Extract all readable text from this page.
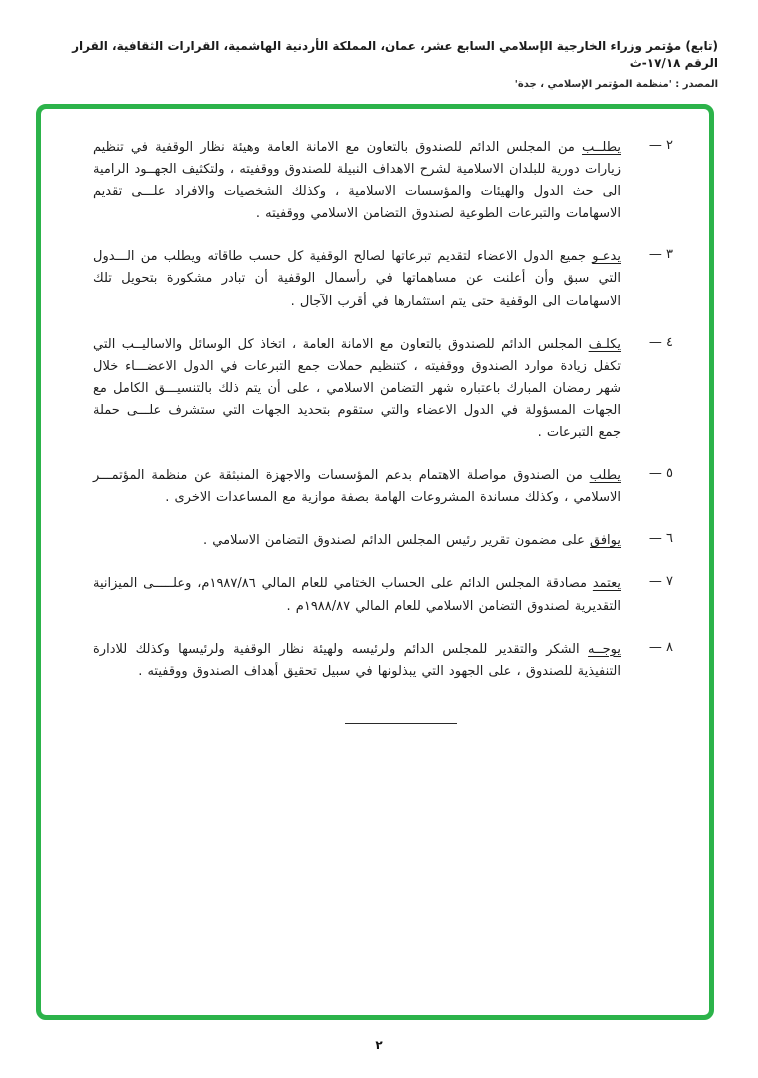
(تابع) مؤتمر وزراء الخارجية الإسلامي السابع عشر، عمان، المملكة الأردنية الهاشمية، القرارات الثقافية، القرار الرقم ١٧/١٨-ث
المصدر : 'منظمة المؤتمر الإسلامي ، جدة'
٢ —
يطلــب من المجلس الدائم للصندوق بالتعاون مع الامانة العامة وهيئة نظار الوقفية في تنظيم زيارات دورية للبلدان الاسلامية لشرح الاهداف النبيلة للصندوق ووقفيته ، ولتكثيف الجهــود الرامية الى حث الدول والهيئات والمؤسسات الاسلامية ، وكذلك الشخصيات والافراد علـــى تقديم الاسهامات والتبرعات الطوعية لصندوق التضامن الاسلامي ووقفيته .
٣ —
يدعـو جميع الدول الاعضاء لتقديم تبرعاتها لصالح الوقفية كل حسب طاقاته ويطلب من الـــدول التي سبق وأن أعلنت عن مساهماتها في رأسمال الوقفية أن تبادر مشكورة بتحويل تلك الاسهامات الى الوقفية حتى يتم استثمارها في أقرب الآجال .
٤ —
يكلـف المجلس الدائم للصندوق بالتعاون مع الامانة العامة ، اتخاذ كل الوسائل والاساليــب التي تكفل زيادة موارد الصندوق ووقفيته ، كتنظيم حملات جمع التبرعات في الدول الاعضـــاء خلال شهر رمضان المبارك باعتباره شهر التضامن الاسلامي ، على أن يتم ذلك بالتنسيـــق الكامل مع الجهات المسؤولة في الدول الاعضاء والتي ستقوم بتحديد الجهات التي ستشرف علـــى حملة جمع التبرعات .
٥ —
يطلب من الصندوق مواصلة الاهتمام بدعم المؤسسات والاجهزة المنبثقة عن منظمة المؤتمـــر الاسلامي ، وكذلك مساندة المشروعات الهامة بصفة موازية مع المساعدات الاخرى .
٦ —
يوافق على مضمون تقرير رئيس المجلس الدائم لصندوق التضامن الاسلامي .
٧ —
يعتمد مصادقة المجلس الدائم على الحساب الختامي للعام المالي ١٩٨٧/٨٦م، وعلـــــى الميزانية التقديرية لصندوق التضامن الاسلامي للعام المالي ١٩٨٨/٨٧م .
٨ —
يوجــه الشكر والتقدير للمجلس الدائم ولرئيسه ولهيئة نظار الوقفية ولرئيسها وكذلك للادارة التنفيذية للصندوق ، على الجهود التي يبذلونها في سبيل تحقيق أهداف الصندوق ووقفيته .
٢
